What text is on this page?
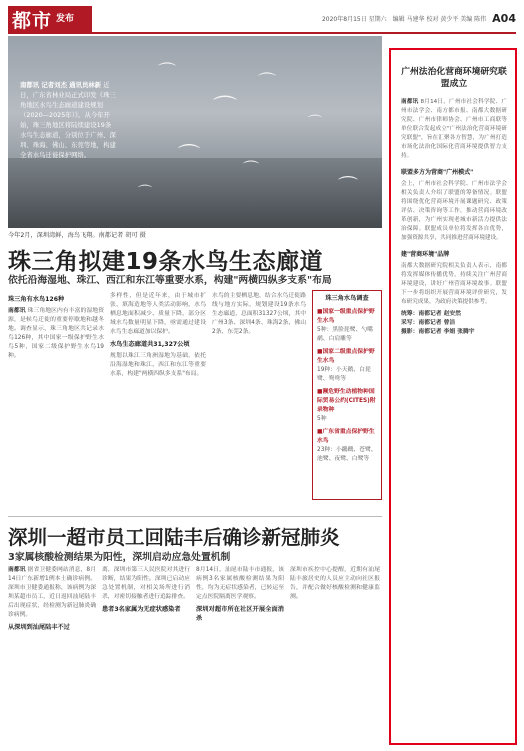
都市 发布	2020年8月15日 星期六 编辑 马建华 校对 黄少平 美编 陈伟 A04
⌒
⌒
⌒
⌒
⌒	⌒
⌒
⌒
南都讯 记者刘杰 通讯员林新 近日，广东省林业局正式印发《珠三角地区水鸟生态廊道建设规划（2020—2025年）》。从今年开始，珠三角地区将陆续建设19条水鸟生态廊道，分别位于广州、深圳、珠海、佛山、东莞等地，构建全省水鸟迁徙保护网络。
今年2月，深圳湾鲜，海鸟飞翔。南都记者 胡可 摄
珠三角拟建19条水鸟生态廊道
依托沿海湿地、珠江、西江和东江等重要水系，构建"两横四纵多支系"布局
珠三角有水鸟126种
南都讯 珠三角地区内有丰富的湿地资源，是候鸟迁徙的重要停歇地和越冬地。调查显示，珠三角地区共记录水鸟126种，其中国家一级保护野生水鸟5种，国家二级保护野生水鸟19种。
多样性，但是近年来，由于城市扩张、填海造地等人类活动影响，水鸟栖息地面积减少、质量下降，部分区域水鸟数量明显下降，亟需通过建设水鸟生态廊道加以保护。
水鸟生态廊道共31,327公顷
规划以珠江三角洲湿地为基础，依托沿海湿地和珠江、西江和东江等重要水系，构建"两横四纵多支系"布局。
水鸟的主要栖息地，结合水鸟迁徙路线与地方实际，规划建设19条水鸟生态廊道，总面积31327公顷，其中广州3条、深圳4条、珠海2条、佛山2条、东莞2条。
珠三角水鸟调查
■国家一级重点保护野生水鸟
5种：黑脸琵鹭、勺嘴鹬、白肩雕等
■国家二级重点保护野生水鸟
19种：小天鹅、白琵鹭、鸳鸯等
■濒危野生动植物种国际贸易公约(CITES)附录物种
5种
■广东省重点保护野生水鸟
23种：小鸊鷉、苍鹭、池鹭、夜鹭、白鹭等
深圳一超市员工回陆丰后确诊新冠肺炎
3家属核酸检测结果为阳性，深圳启动应急处置机制
南都讯 据省卫健委网站消息，8月14日广东新增1例本土确诊病例。深圳市卫健委通报称，该病例为深圳某超市员工，近日返回汕尾陆丰后出现症状，经检测为新冠肺炎确诊病例。
从深圳到汕尾陆丰不过
离，深圳市第三人民医院对其进行诊断，结果为阳性。深圳已启动应急处置机制，对相关场所进行消杀，对密切接触者进行追踪排查。
患者3名家属为无症状感染者
8月14日，汕尾市陆丰市通报，该病例3名家属核酸检测结果为阳性，均为无症状感染者，已转运至定点医院隔离医学观察。
深圳对超市所在社区开展全面消杀
深圳市疾控中心提醒，近期有汕尾陆丰旅居史的人员应主动向社区报告，并配合做好核酸检测和健康监测。
广州法治化营商环境研究联盟成立
南都讯 8月14日，广州市社会科学院、广州市法学会、南方都市报、南都大数据研究院、广州市律师协会、广州市工商联等单位联合发起成立"广州法治化营商环境研究联盟"，旨在汇聚各方智慧，为广州打造市场化法治化国际化营商环境提供智力支持。
联盟多方为营商"广州模式"
会上，广州市社会科学院、广州市法学会相关负责人介绍了联盟的筹备情况。联盟将围绕优化营商环境开展课题研究、政策评估、决策咨询等工作，推动营商环境改革创新，为广州实现老城市新活力提供法治保障。联盟成员单位将发挥各自优势，加强资源共享，共同推进营商环境建设。
建"营商环境"品牌
南都大数据研究院相关负责人表示，南都将发挥媒体传播优势，持续关注广州营商环境建设，讲好广州营商环境故事。联盟下一步将组织开展营商环境评价研究，发布研究成果，为政府决策提供参考。
统筹：南都记者 赵安然
采写：南都记者 曾洁
摄影：南都记者 李娟 张腾宇
